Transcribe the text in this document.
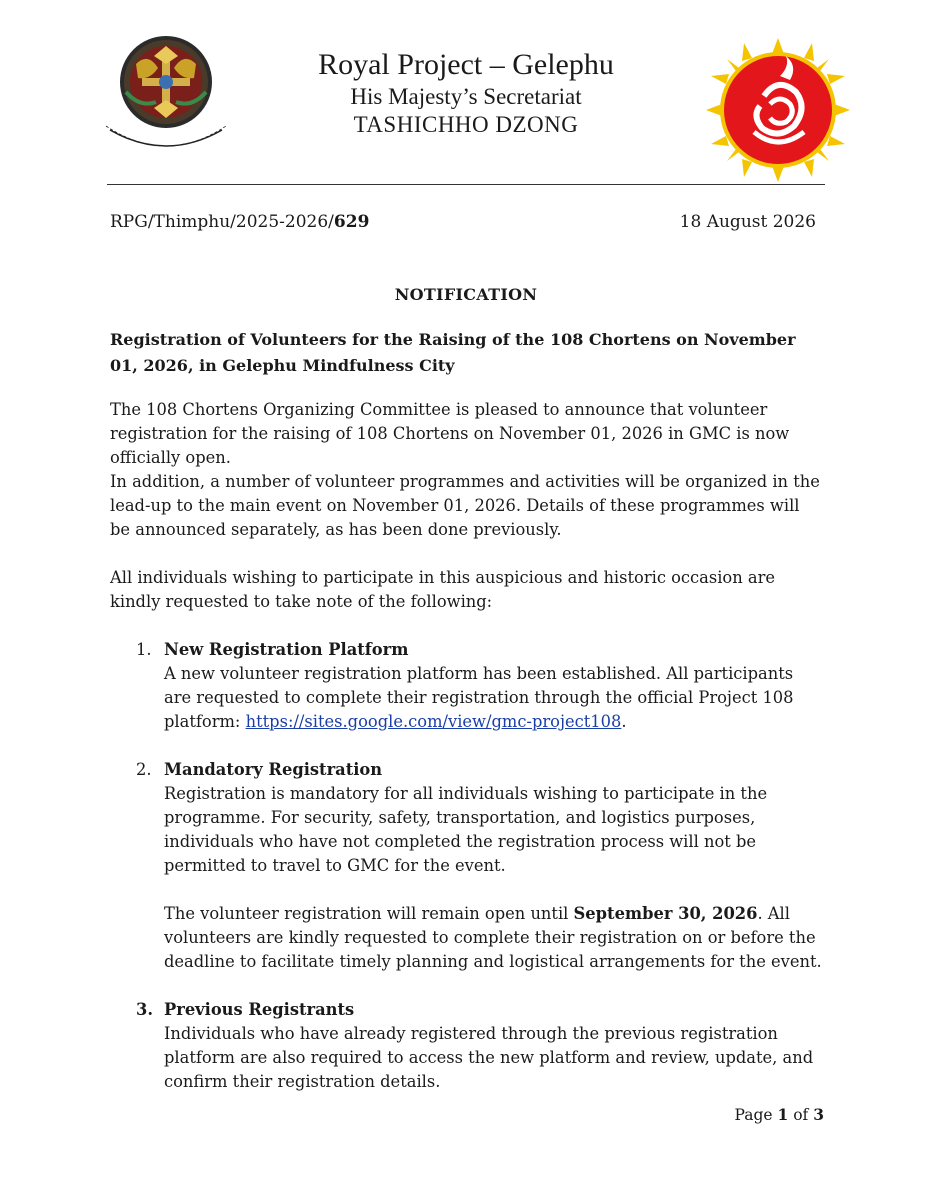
Royal Project – Gelephu
His Majesty’s Secretariat
TASHICHHO DZONG
RPG/Thimphu/2025-2026/629	18 August 2026
NOTIFICATION
Registration of Volunteers for the Raising of the 108 Chortens on November 01, 2026, in Gelephu Mindfulness City
The 108 Chortens Organizing Committee is pleased to announce that volunteer registration for the raising of 108 Chortens on November 01, 2026 in GMC is now officially open.
In addition, a number of volunteer programmes and activities will be organized in the lead-up to the main event on November 01, 2026. Details of these programmes will be announced separately, as has been done previously.
All individuals wishing to participate in this auspicious and historic occasion are kindly requested to take note of the following:
1. New Registration Platform
A new volunteer registration platform has been established. All participants are requested to complete their registration through the official Project 108 platform: https://sites.google.com/view/gmc-project108.
2. Mandatory Registration
Registration is mandatory for all individuals wishing to participate in the programme. For security, safety, transportation, and logistics purposes, individuals who have not completed the registration process will not be permitted to travel to GMC for the event.
The volunteer registration will remain open until September 30, 2026. All volunteers are kindly requested to complete their registration on or before the deadline to facilitate timely planning and logistical arrangements for the event.
3. Previous Registrants
Individuals who have already registered through the previous registration platform are also required to access the new platform and review, update, and confirm their registration details.
Page 1 of 3
